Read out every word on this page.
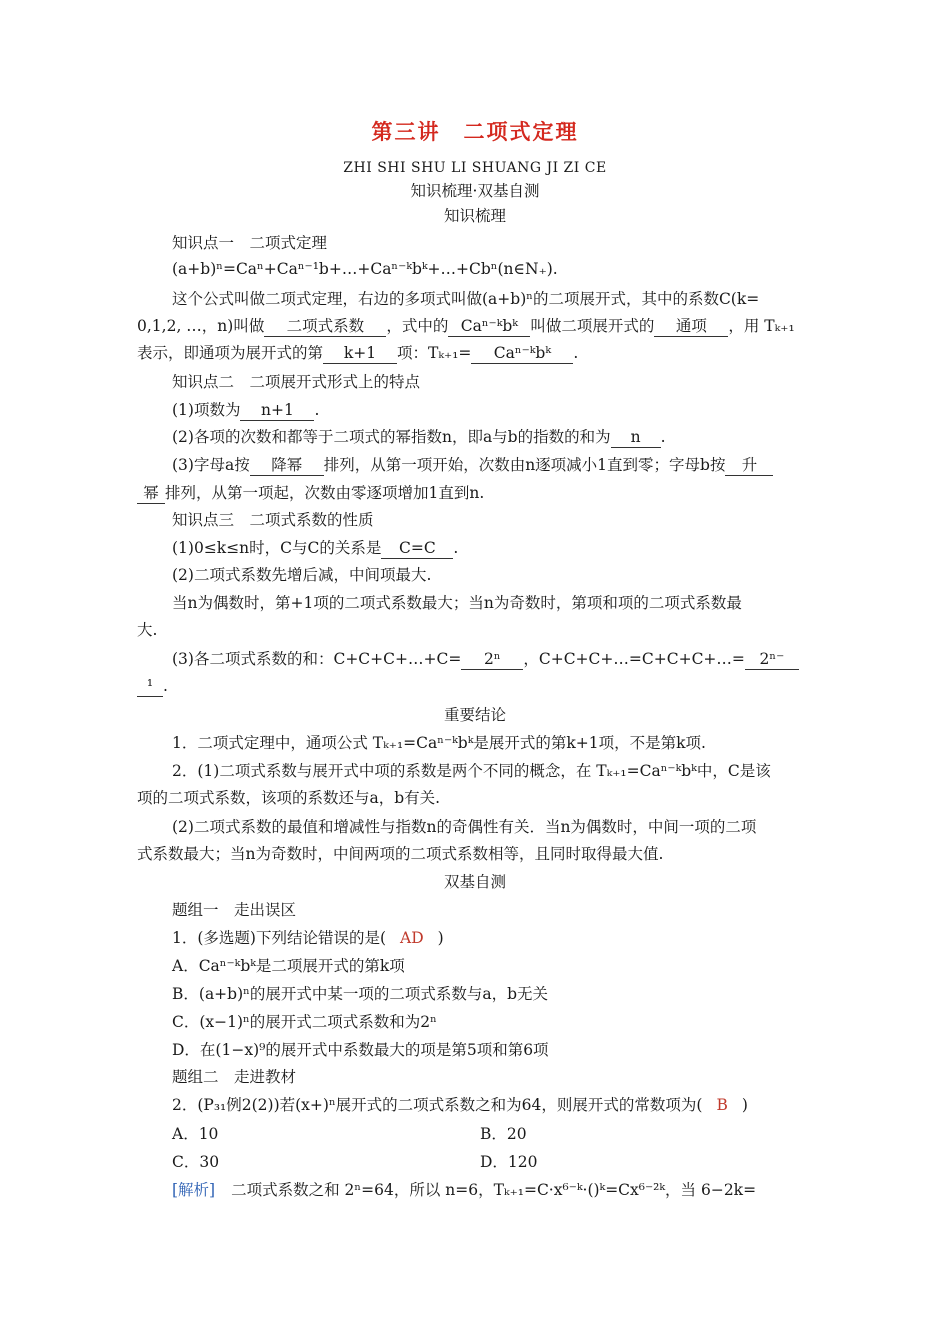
第三讲　二项式定理
ZHI SHI SHU LI SHUANG JI ZI CE
知识梳理·双基自测
知识梳理
知识点一　二项式定理
(a+b)ⁿ=Caⁿ+Caⁿ⁻¹b+…+Caⁿ⁻ᵏbᵏ+…+Cbⁿ(n∈N₊).
这个公式叫做二项式定理，右边的多项式叫做(a+b)ⁿ的二项展开式，其中的系数C(k=
0,1,2, …，n)叫做 二项式系数 ，式中的 Caⁿ⁻ᵏbᵏ 叫做二项展开式的 通项 ，用 Tₖ₊₁
表示，即通项为展开式的第 k+1 项：Tₖ₊₁= Caⁿ⁻ᵏbᵏ .
知识点二　二项展开式形式上的特点
(1)项数为 n+1 .
(2)各项的次数和都等于二项式的幂指数n，即a与b的指数的和为 n .
(3)字母a按 降幂 排列，从第一项开始，次数由n逐项减小1直到零；字母b按 升
幂 排列，从第一项起，次数由零逐项增加1直到n.
知识点三　二项式系数的性质
(1)0≤k≤n时，C与C的关系是 C=C .
(2)二项式系数先增后减，中间项最大.
当n为偶数时，第+1项的二项式系数最大；当n为奇数时，第项和项的二项式系数最
大.
(3)各二项式系数的和：C+C+C+…+C= 2ⁿ ，C+C+C+…=C+C+C+…= 2ⁿ⁻
¹ .
重要结论
1．二项式定理中，通项公式 Tₖ₊₁=Caⁿ⁻ᵏbᵏ是展开式的第k+1项，不是第k项.
2．(1)二项式系数与展开式中项的系数是两个不同的概念，在 Tₖ₊₁=Caⁿ⁻ᵏbᵏ中，C是该
项的二项式系数，该项的系数还与a，b有关.
(2)二项式系数的最值和增减性与指数n的奇偶性有关．当n为偶数时，中间一项的二项
式系数最大；当n为奇数时，中间两项的二项式系数相等，且同时取得最大值.
双基自测
题组一　走出误区
1．(多选题)下列结论错误的是( AD )
A．Caⁿ⁻ᵏbᵏ是二项展开式的第k项
B．(a+b)ⁿ的展开式中某一项的二项式系数与a，b无关
C．(x−1)ⁿ的展开式二项式系数和为2ⁿ
D．在(1−x)⁹的展开式中系数最大的项是第5项和第6项
题组二　走进教材
2．(P₃₁例2(2))若(x+)ⁿ展开式的二项式系数之和为64，则展开式的常数项为( B )
A．10	B．20
C．30	D．120
[解析] 二项式系数之和 2ⁿ=64，所以 n=6，Tₖ₊₁=C·x⁶⁻ᵏ·()ᵏ=Cx⁶⁻²ᵏ，当 6−2k=
